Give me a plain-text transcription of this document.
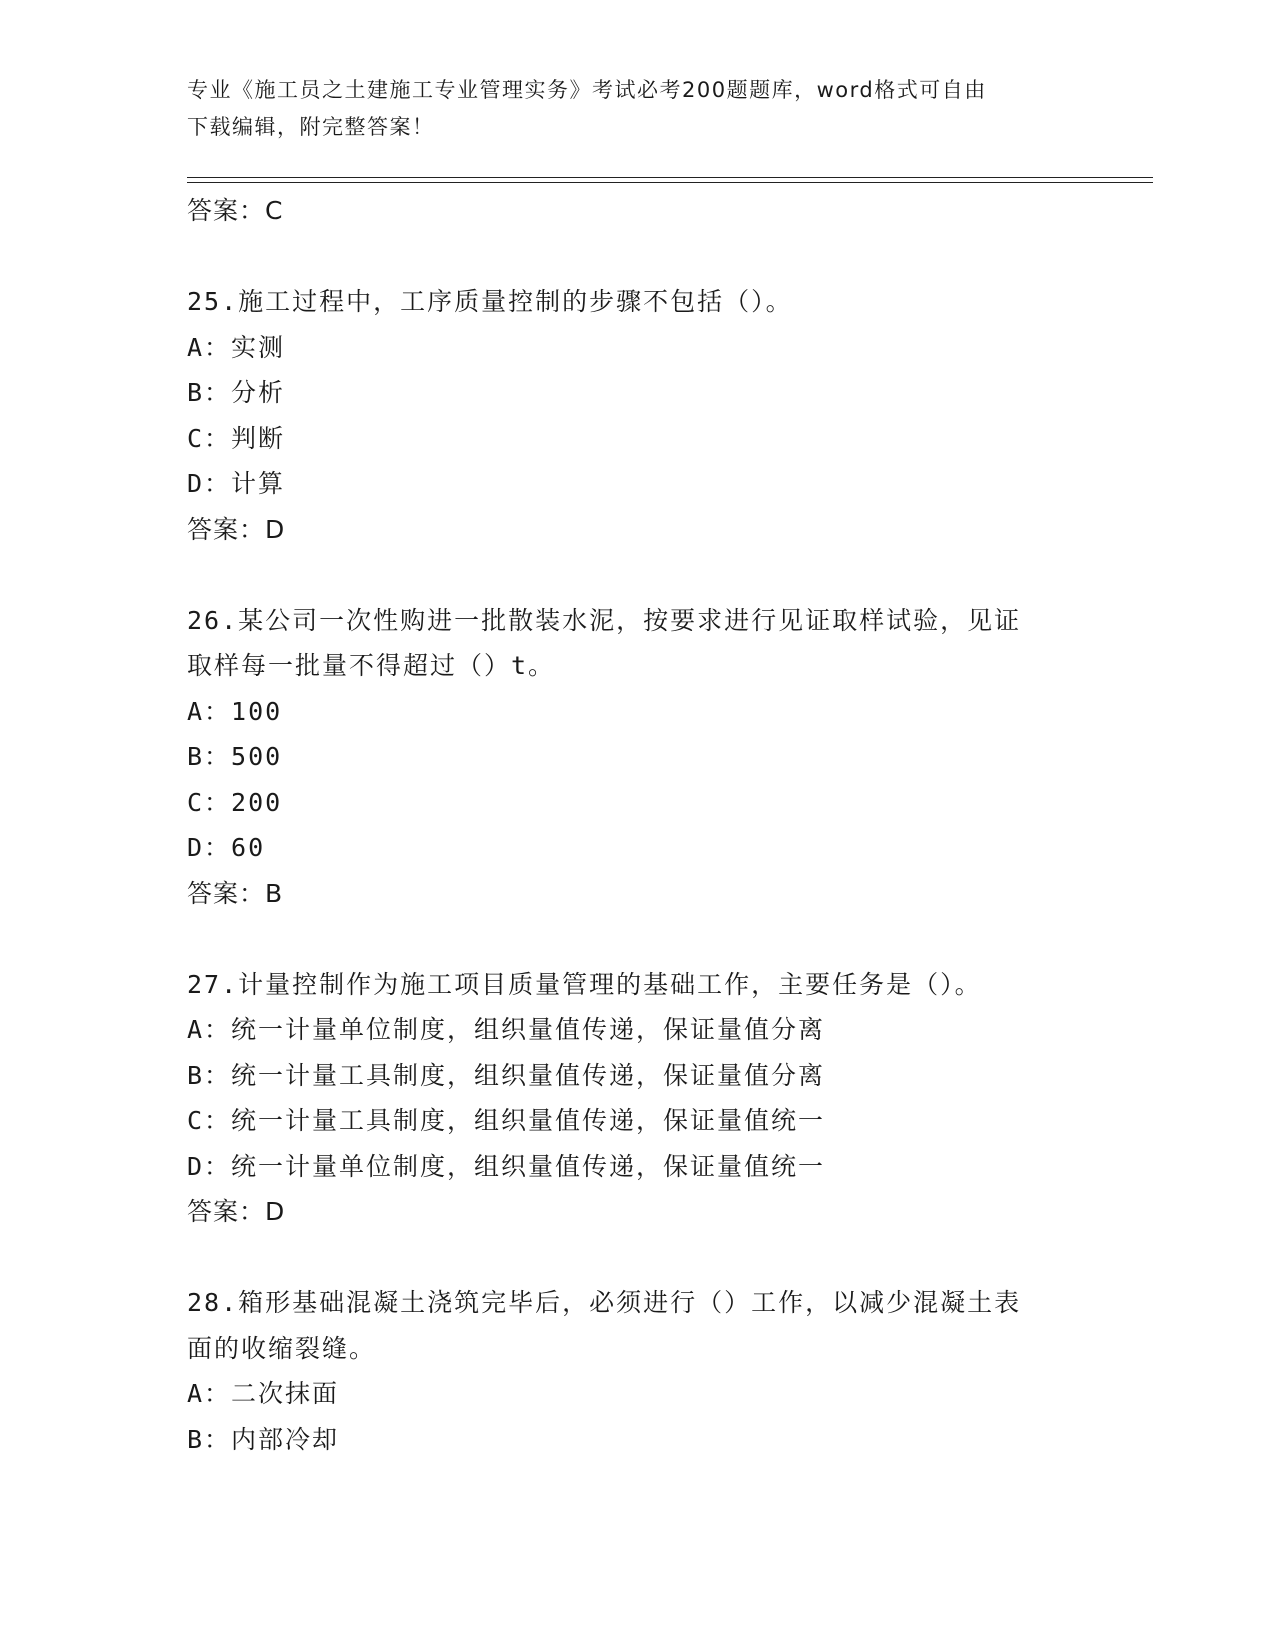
专业《施工员之土建施工专业管理实务》考试必考200题题库，word格式可自由
下载编辑，附完整答案！
答案：C
25.施工过程中，工序质量控制的步骤不包括（）。
A：实测
B：分析
C：判断
D：计算
答案：D
26.某公司一次性购进一批散装水泥，按要求进行见证取样试验，见证
取样每一批量不得超过（）t。
A：100
B：500
C：200
D：60
答案：B
27.计量控制作为施工项目质量管理的基础工作，主要任务是（）。
A：统一计量单位制度，组织量值传递，保证量值分离
B：统一计量工具制度，组织量值传递，保证量值分离
C：统一计量工具制度，组织量值传递，保证量值统一
D：统一计量单位制度，组织量值传递，保证量值统一
答案：D
28.箱形基础混凝土浇筑完毕后，必须进行（）工作，以减少混凝土表
面的收缩裂缝。
A：二次抹面
B：内部冷却
